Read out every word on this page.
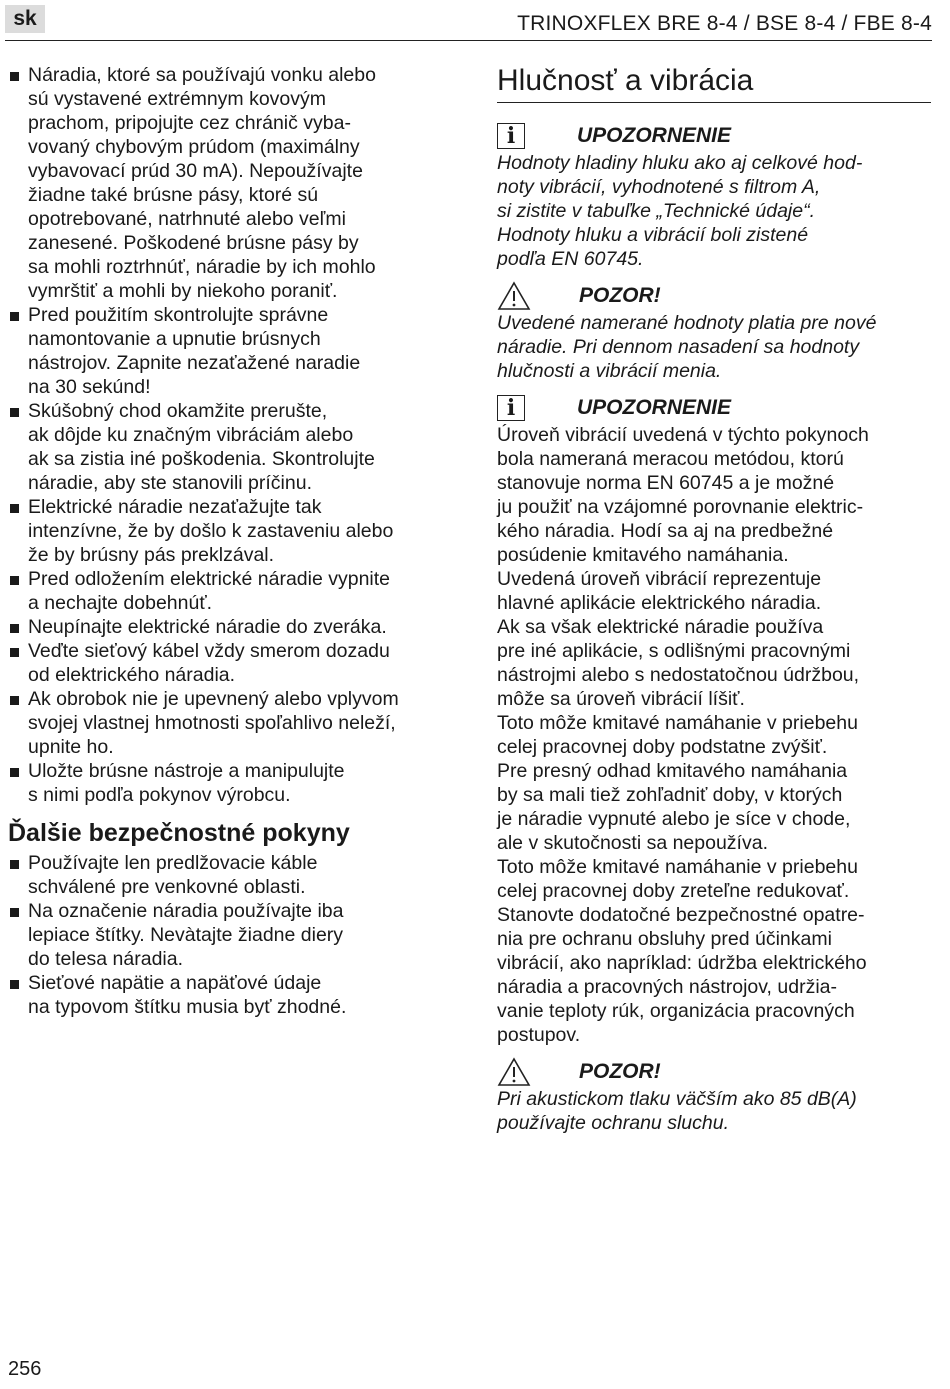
sk	TRINOXFLEX BRE 8-4 / BSE 8-4 / FBE 8-4
Náradia, ktoré sa používajú vonku alebo
sú vystavené extrémnym kovovým
prachom, pripojujte cez chránič vyba-
vovaný chybovým prúdom (maximálny
vybavovací prúd 30 mA). Nepoužívajte
žiadne také brúsne pásy, ktoré sú
opotrebované, natrhnuté alebo veľmi
zanesené. Poškodené brúsne pásy by
sa mohli roztrhnúť, náradie by ich mohlo
vymrštiť a mohli by niekoho poraniť.
Pred použitím skontrolujte správne
namontovanie a upnutie brúsnych
nástrojov. Zapnite nezaťažené naradie
na 30 sekúnd!
Skúšobný chod okamžite prerušte,
ak dôjde ku značným vibráciám alebo
ak sa zistia iné poškodenia. Skontrolujte
náradie, aby ste stanovili príčinu.
Elektrické náradie nezaťažujte tak
intenzívne, že by došlo k zastaveniu alebo
že by brúsny pás preklzával.
Pred odložením elektrické náradie vypnite
a nechajte dobehnúť.
Neupínajte elektrické náradie do zveráka.
Veďte sieťový kábel vždy smerom dozadu
od elektrického náradia.
Ak obrobok nie je upevnený alebo vplyvom
svojej vlastnej hmotnosti spoľahlivo neleží,
upnite ho.
Uložte brúsne nástroje a manipulujte
s nimi podľa pokynov výrobcu.
Ďalšie bezpečnostné pokyny
Používajte len predlžovacie káble
schválené pre venkovné oblasti.
Na označenie náradia používajte iba
lepiace štítky. Nevàtajte žiadne diery
do telesa náradia.
Sieťové napätie a napäťové údaje
na typovom štítku musia byť zhodné.
Hlučnosť a vibrácia
i	UPOZORNENIE
Hodnoty hladiny hluku ako aj celkové hod-
noty vibrácií, vyhodnotené s filtrom A,
si zistite v tabuľke „Technické údaje“.
Hodnoty hluku a vibrácií boli zistené
podľa EN 60745.
POZOR!
Uvedené namerané hodnoty platia pre nové
náradie. Pri dennom nasadení sa hodnoty
hlučnosti a vibrácií menia.
i	UPOZORNENIE
Úroveň vibrácií uvedená v týchto pokynoch
bola nameraná meracou metódou, ktorú
stanovuje norma EN 60745 a je možné
ju použiť na vzájomné porovnanie elektric-
kého náradia. Hodí sa aj na predbežné
posúdenie kmitavého namáhania.
Uvedená úroveň vibrácií reprezentuje
hlavné aplikácie elektrického náradia.
Ak sa však elektrické náradie používa
pre iné aplikácie, s odlišnými pracovnými
nástrojmi alebo s nedostatočnou údržbou,
môže sa úroveň vibrácií líšiť.
Toto môže kmitavé namáhanie v priebehu
celej pracovnej doby podstatne zvýšiť.
Pre presný odhad kmitavého namáhania
by sa mali tiež zohľadniť doby, v ktorých
je náradie vypnuté alebo je síce v chode,
ale v skutočnosti sa nepoužíva.
Toto môže kmitavé namáhanie v priebehu
celej pracovnej doby zreteľne redukovať.
Stanovte dodatočné bezpečnostné opatre-
nia pre ochranu obsluhy pred účinkami
vibrácií, ako napríklad: údržba elektrického
náradia a pracovných nástrojov, udržia-
vanie teploty rúk, organizácia pracovných
postupov.
POZOR!
Pri akustickom tlaku väčším ako 85 dB(A)
používajte ochranu sluchu.
256
